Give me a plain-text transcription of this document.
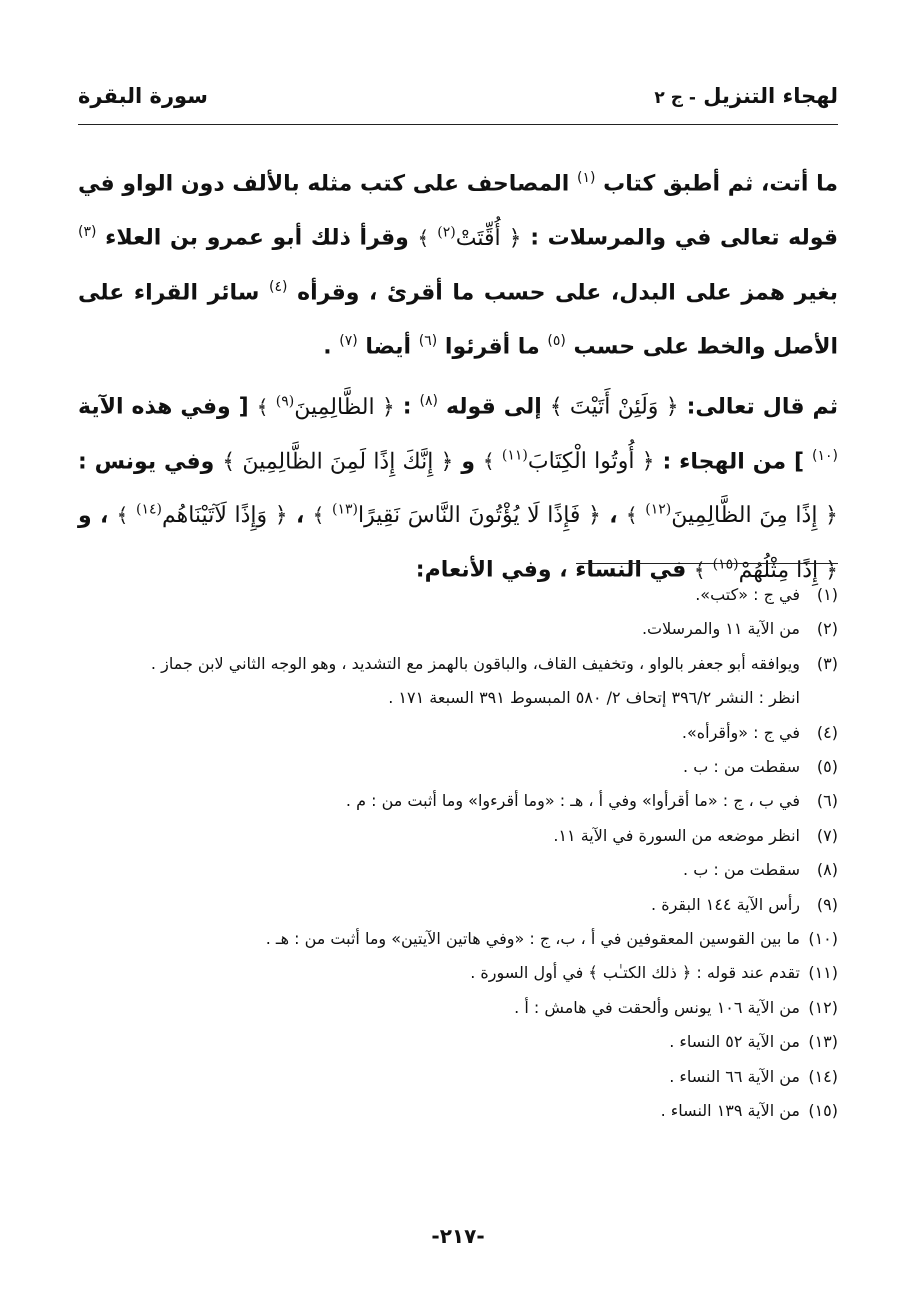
لهجاء التنزيل - ج ٢
سورة البقرة

ما أتت، ثم أطبق كتاب $^{(١)}$ المصاحف على كتب مثله بالألف دون الواو في قوله تعالى في والمرسلات : ﴿ أُقِّتَتْ$^{(٢)}$ ﴾ وقرأ ذلك أبو عمرو بن العلاء $^{(٣)}$ بغير همز على البدل، على حسب ما أقرئ ، وقرأه $^{(٤)}$ سائر القراء على الأصل والخط على حسب $^{(٥)}$ ما أقرئوا $^{(٦)}$ أيضا $^{(٧)}$ .

ثم قال تعالى: ﴿ وَلَئِنْ أَتَيْتَ ﴾ إلى قوله $^{(٨)}$ : ﴿ الظَّالِمِينَ$^{(٩)}$ ﴾ [ وفي هذه الآية $^{(١٠)}$ ] من الهجاء : ﴿ أُوتُوا الْكِتَابَ$^{(١١)}$ ﴾ و ﴿ إِنَّكَ إِذًا لَمِنَ الظَّالِمِينَ ﴾ وفي يونس : ﴿ إِذًا مِنَ الظَّالِمِينَ$^{(١٢)}$ ﴾ ، ﴿ فَإِذًا لَا يُؤْتُونَ النَّاسَ نَقِيرًا$^{(١٣)}$ ﴾ ، ﴿ وَإِذًا لَآتَيْنَاهُم$^{(١٤)}$ ﴾ ، و ﴿ إِذًا مِثْلُهُمْ$^{(١٥)}$ ﴾ في النساء ، وفي الأنعام:

(١)
في ج : «كتب».
(٢)
من الآية ١١ والمرسلات.
(٣)
ويوافقه أبو جعفر بالواو ، وتخفيف القاف، والباقون بالهمز مع التشديد ، وهو الوجه الثاني لابن جماز .
انظر : النشر ٣٩٦/٢ إتحاف ٢/ ٥٨٠ المبسوط ٣٩١ السبعة ١٧١ .
(٤)
في ج : «وأقرأه».
(٥)
سقطت من : ب .
(٦)
في ب ، ج : «ما أقرأوا» وفي أ ، هـ : «وما أقرءوا» وما أثبت من : م .
(٧)
انظر موضعه من السورة في الآية ١١.
(٨)
سقطت من : ب .
(٩)
رأس الآية ١٤٤ البقرة .
(١٠)
ما بين القوسين المعقوفين في أ ، ب، ج : «وفي هاتين الآيتين» وما أثبت من : هـ .
(١١)
تقدم عند قوله : ﴿ ذلك الكتـٰب ﴾ في أول السورة .
(١٢)
من الآية ١٠٦ يونس وألحقت في هامش : أ .
(١٣)
من الآية ٥٢ النساء .
(١٤)
من الآية ٦٦ النساء .
(١٥)
من الآية ١٣٩ النساء .
-٢١٧-
